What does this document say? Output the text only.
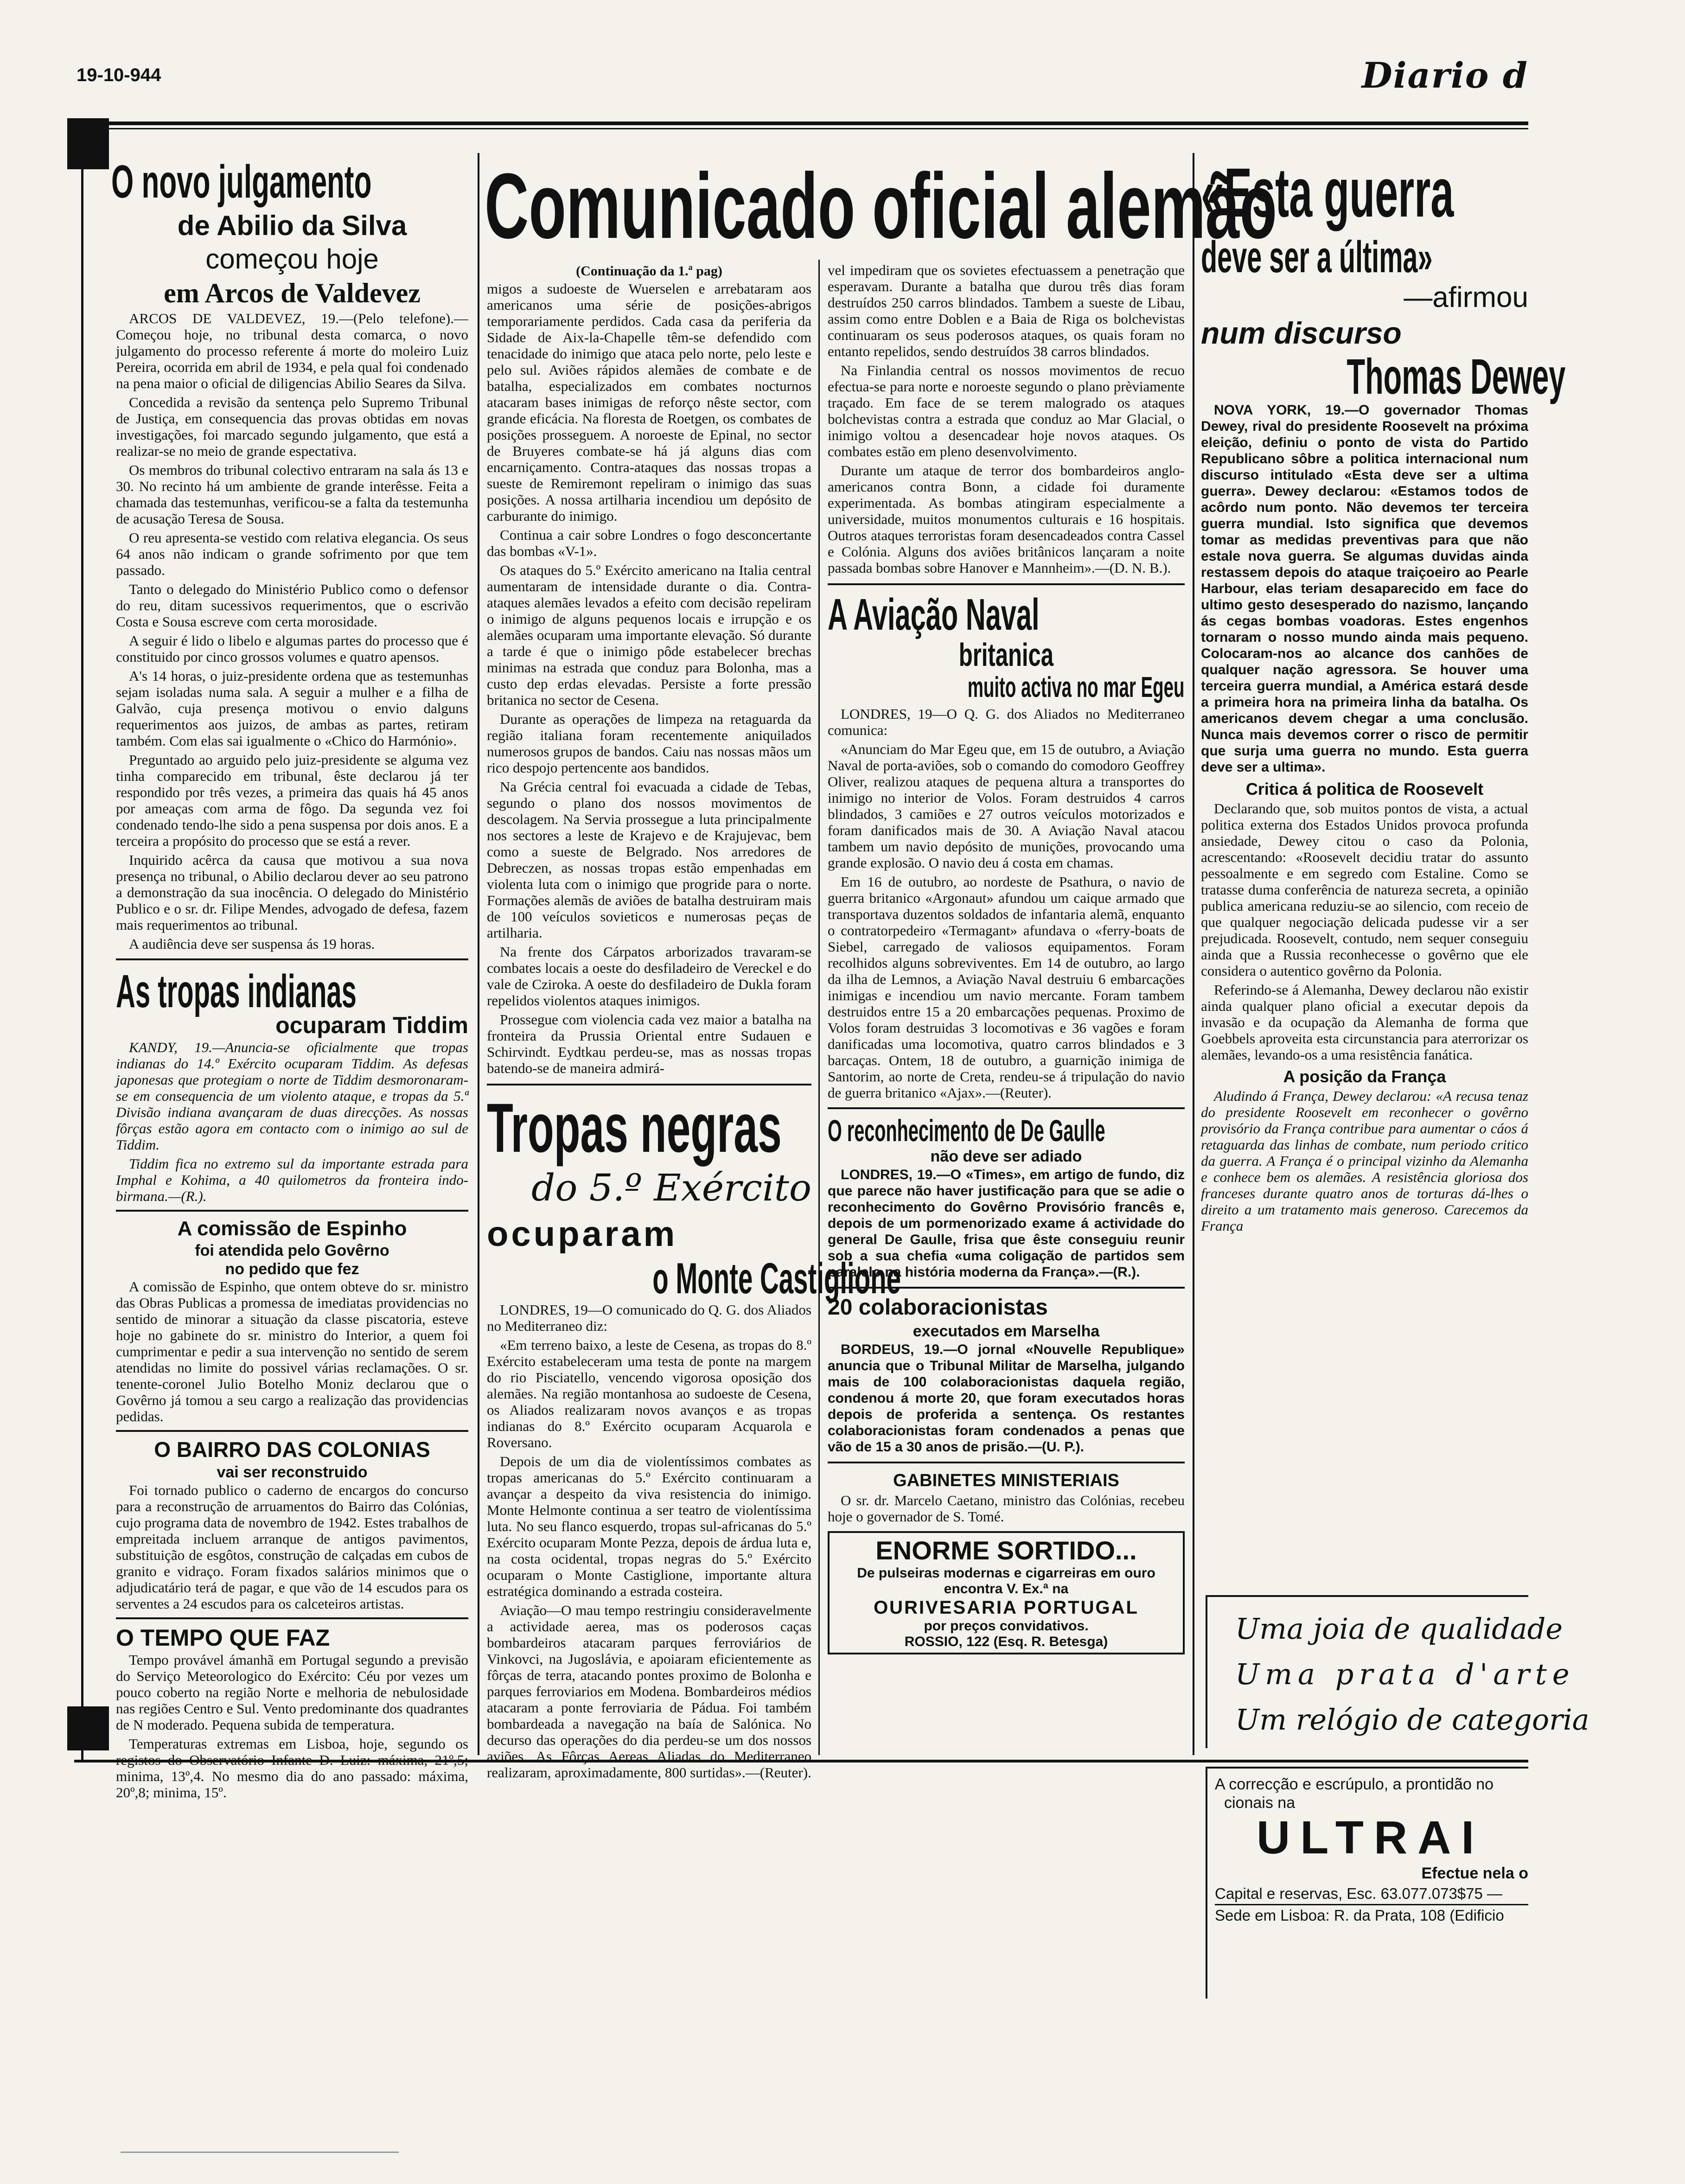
19-10-944	Diario d
O novo julgamento
de Abilio da Silva
começou hoje
em Arcos de Valdevez

ARCOS DE VALDEVEZ, 19.—(Pelo telefone).—Começou hoje, no tribunal desta comarca, o novo julgamento do processo referente á morte do moleiro Luiz Pereira, ocorrida em abril de 1934, e pela qual foi condenado na pena maior o oficial de diligencias Abilio Seares da Silva.

Concedida a revisão da sentença pelo Supremo Tribunal de Justiça, em consequencia das provas obtidas em novas investigações, foi marcado segundo julgamento, que está a realizar-se no meio de grande espectativa.

Os membros do tribunal colectivo entraram na sala ás 13 e 30. No recinto há um ambiente de grande interêsse. Feita a chamada das testemunhas, verificou-se a falta da testemunha de acusação Teresa de Sousa.

O reu apresenta-se vestido com relativa elegancia. Os seus 64 anos não indicam o grande sofrimento por que tem passado.

Tanto o delegado do Ministério Publico como o defensor do reu, ditam sucessivos requerimentos, que o escrivão Costa e Sousa escreve com certa morosidade.

A seguir é lido o libelo e algumas partes do processo que é constituido por cinco grossos volumes e quatro apensos.

A's 14 horas, o juiz-presidente ordena que as testemunhas sejam isoladas numa sala. A seguir a mulher e a filha de Galvão, cuja presença motivou o envio dalguns requerimentos aos juizos, de ambas as partes, retiram também. Com elas sai igualmente o «Chico do Harmónio».

Preguntado ao arguido pelo juiz-presidente se alguma vez tinha comparecido em tribunal, êste declarou já ter respondido por três vezes, a primeira das quais há 45 anos por ameaças com arma de fôgo. Da segunda vez foi condenado tendo-lhe sido a pena suspensa por dois anos. E a terceira a propósito do processo que se está a rever.

Inquirido acêrca da causa que motivou a sua nova presença no tribunal, o Abilio declarou dever ao seu patrono a demonstração da sua inocência. O delegado do Ministério Publico e o sr. dr. Filipe Mendes, advogado de defesa, fazem mais requerimentos ao tribunal.

A audiência deve ser suspensa ás 19 horas.

As tropas indianas
ocuparam Tiddim

KANDY, 19.—Anuncia-se oficialmente que tropas indianas do 14.º Exército ocuparam Tiddim. As defesas japonesas que protegiam o norte de Tiddim desmoronaram-se em consequencia de um violento ataque, e tropas da 5.ª Divisão indiana avançaram de duas direcções. As nossas fôrças estão agora em contacto com o inimigo ao sul de Tiddim.

Tiddim fica no extremo sul da importante estrada para Imphal e Kohima, a 40 quilometros da fronteira indo-birmana.—(R.).

A comissão de Espinho
foi atendida pelo Govêrno
no pedido que fez

A comissão de Espinho, que ontem obteve do sr. ministro das Obras Publicas a promessa de imediatas providencias no sentido de minorar a situação da classe piscatoria, esteve hoje no gabinete do sr. ministro do Interior, a quem foi cumprimentar e pedir a sua intervenção no sentido de serem atendidas no limite do possivel várias reclamações. O sr. tenente-coronel Julio Botelho Moniz declarou que o Govêrno já tomou a seu cargo a realização das providencias pedidas.

O BAIRRO DAS COLONIAS
vai ser reconstruido

Foi tornado publico o caderno de encargos do concurso para a reconstrução de arruamentos do Bairro das Colónias, cujo programa data de novembro de 1942. Estes trabalhos de empreitada incluem arranque de antigos pavimentos, substituição de esgôtos, construção de calçadas em cubos de granito e vidraço. Foram fixados salários minimos que o adjudicatário terá de pagar, e que vão de 14 escudos para os serventes a 24 escudos para os calceteiros artistas.

O TEMPO QUE FAZ

Tempo provável ámanhã em Portugal segundo a previsão do Serviço Meteorologico do Exército: Céu por vezes um pouco coberto na região Norte e melhoria de nebulosidade nas regiões Centro e Sul. Vento predominante dos quadrantes de N moderado. Pequena subida de temperatura.

Temperaturas extremas em Lisboa, hoje, segundo os registos do Observatório Infante D. Luiz: máxima, 21º,5; minima, 13º,4. No mesmo dia do ano passado: máxima, 20º,8; minima, 15º.

Comunicado oficial alemão
(Continuação da 1.ª pag)

migos a sudoeste de Wuerselen e arrebataram aos americanos uma série de posições-abrigos temporariamente perdidos. Cada casa da periferia da Sidade de Aix-la-Chapelle têm-se defendido com tenacidade do inimigo que ataca pelo norte, pelo leste e pelo sul. Aviões rápidos alemães de combate e de batalha, especializados em combates nocturnos atacaram bases inimigas de reforço nêste sector, com grande eficácia. Na floresta de Roetgen, os combates de posições prosseguem. A noroeste de Epinal, no sector de Bruyeres combate-se há já alguns dias com encarniçamento. Contra-ataques das nossas tropas a sueste de Remiremont repeliram o inimigo das suas posições. A nossa artilharia incendiou um depósito de carburante do inimigo.

Continua a cair sobre Londres o fogo desconcertante das bombas «V-1».

Os ataques do 5.º Exército americano na Italia central aumentaram de intensidade durante o dia. Contra-ataques alemães levados a efeito com decisão repeliram o inimigo de alguns pequenos locais e irrupção e os alemães ocuparam uma importante elevação. Só durante a tarde é que o inimigo pôde estabelecer brechas minimas na estrada que conduz para Bolonha, mas a custo dep erdas elevadas. Persiste a forte pressão britanica no sector de Cesena.

Durante as operações de limpeza na retaguarda da região italiana foram recentemente aniquilados numerosos grupos de bandos. Caiu nas nossas mãos um rico despojo pertencente aos bandidos.

Na Grécia central foi evacuada a cidade de Tebas, segundo o plano dos nossos movimentos de descolagem. Na Servia prossegue a luta principalmente nos sectores a leste de Krajevo e de Krajujevac, bem como a sueste de Belgrado. Nos arredores de Debreczen, as nossas tropas estão empenhadas em violenta luta com o inimigo que progride para o norte. Formações alemãs de aviões de batalha destruiram mais de 100 veículos sovieticos e numerosas peças de artilharia.

Na frente dos Cárpatos arborizados travaram-se combates locais a oeste do desfiladeiro de Vereckel e do vale de Cziroka. A oeste do desfiladeiro de Dukla foram repelidos violentos ataques inimigos.

Prossegue com violencia cada vez maior a batalha na fronteira da Prussia Oriental entre Sudauen e Schirvindt. Eydtkau perdeu-se, mas as nossas tropas batendo-se de maneira admirá-

Tropas negras
do 5.º Exército
ocuparam
o Monte Castiglione

LONDRES, 19—O comunicado do Q. G. dos Aliados no Mediterraneo diz:

«Em terreno baixo, a leste de Cesena, as tropas do 8.º Exército estabeleceram uma testa de ponte na margem do rio Pisciatello, vencendo vigorosa oposição dos alemães. Na região montanhosa ao sudoeste de Cesena, os Aliados realizaram novos avanços e as tropas indianas do 8.º Exército ocuparam Acquarola e Roversano.

Depois de um dia de violentíssimos combates as tropas americanas do 5.º Exército continuaram a avançar a despeito da viva resistencia do inimigo. Monte Helmonte continua a ser teatro de violentíssima luta. No seu flanco esquerdo, tropas sul-africanas do 5.º Exército ocuparam Monte Pezza, depois de árdua luta e, na costa ocidental, tropas negras do 5.º Exército ocuparam o Monte Castiglione, importante altura estratégica dominando a estrada costeira.

Aviação—O mau tempo restringiu consideravelmente a actividade aerea, mas os poderosos caças bombardeiros atacaram parques ferroviários de Vinkovci, na Jugoslávia, e apoiaram eficientemente as fôrças de terra, atacando pontes proximo de Bolonha e parques ferroviarios em Modena. Bombardeiros médios atacaram a ponte ferroviaria de Pádua. Foi também bombardeada a navegação na baía de Salónica. No decurso das operações do dia perdeu-se um dos nossos aviões. As Fôrças Aereas Aliadas do Mediterraneo realizaram, aproximadamente, 800 surtidas».—(Reuter).

vel impediram que os sovietes efectuassem a penetração que esperavam. Durante a batalha que durou três dias foram destruídos 250 carros blindados. Tambem a sueste de Libau, assim como entre Doblen e a Baia de Riga os bolchevistas continuaram os seus poderosos ataques, os quais foram no entanto repelidos, sendo destruídos 38 carros blindados.

Na Finlandia central os nossos movimentos de recuo efectua-se para norte e noroeste segundo o plano prèviamente traçado. Em face de se terem malogrado os ataques bolchevistas contra a estrada que conduz ao Mar Glacial, o inimigo voltou a desencadear hoje novos ataques. Os combates estão em pleno desenvolvimento.

Durante um ataque de terror dos bombardeiros anglo-americanos contra Bonn, a cidade foi duramente experimentada. As bombas atingiram especialmente a universidade, muitos monumentos culturais e 16 hospitais. Outros ataques terroristas foram desencadeados contra Cassel e Colónia. Alguns dos aviões britânicos lançaram a noite passada bombas sobre Hanover e Mannheim».—(D. N. B.).

A Aviação Naval
britanica
muito activa no mar Egeu

LONDRES, 19—O Q. G. dos Aliados no Mediterraneo comunica:

«Anunciam do Mar Egeu que, em 15 de outubro, a Aviação Naval de porta-aviões, sob o comando do comodoro Geoffrey Oliver, realizou ataques de pequena altura a transportes do inimigo no interior de Volos. Foram destruidos 4 carros blindados, 3 camiões e 27 outros veículos motorizados e foram danificados mais de 30. A Aviação Naval atacou tambem um navio depósito de munições, provocando uma grande explosão. O navio deu á costa em chamas.

Em 16 de outubro, ao nordeste de Psathura, o navio de guerra britanico «Argonaut» afundou um caique armado que transportava duzentos soldados de infantaria alemã, enquanto o contratorpedeiro «Termagant» afundava o «ferry-boats de Siebel, carregado de valiosos equipamentos. Foram recolhidos alguns sobreviventes. Em 14 de outubro, ao largo da ilha de Lemnos, a Aviação Naval destruiu 6 embarcações inimigas e incendiou um navio mercante. Foram tambem destruidos entre 15 a 20 embarcações pequenas. Proximo de Volos foram destruidas 3 locomotivas e 36 vagões e foram danificadas uma locomotiva, quatro carros blindados e 3 barcaças. Ontem, 18 de outubro, a guarnição inimiga de Santorim, ao norte de Creta, rendeu-se á tripulação do navio de guerra britanico «Ajax».—(Reuter).

O reconhecimento de De Gaulle
não deve ser adiado

LONDRES, 19.—O «Times», em artigo de fundo, diz que parece não haver justificação para que se adie o reconhecimento do Govêrno Provisório francês e, depois de um pormenorizado exame á actividade do general De Gaulle, frisa que êste conseguiu reunir sob a sua chefia «uma coligação de partidos sem paralelo na história moderna da França».—(R.).

20 colaboracionistas
executados em Marselha

BORDEUS, 19.—O jornal «Nouvelle Republique» anuncia que o Tribunal Militar de Marselha, julgando mais de 100 colaboracionistas daquela região, condenou á morte 20, que foram executados horas depois de proferida a sentença. Os restantes colaboracionistas foram condenados a penas que vão de 15 a 30 anos de prisão.—(U. P.).

GABINETES MINISTERIAIS

O sr. dr. Marcelo Caetano, ministro das Colónias, recebeu hoje o governador de S. Tomé.

ENORME SORTIDO...
De pulseiras modernas e cigarreiras em ouro encontra V. Ex.ª na
OURIVESARIA PORTUGAL
por preços convidativos.
ROSSIO, 122 (Esq. R. Betesga)
«Esta guerra
deve ser a última»
—afirmou
num discurso
Thomas Dewey

NOVA YORK, 19.—O governador Thomas Dewey, rival do presidente Roosevelt na próxima eleição, definiu o ponto de vista do Partido Republicano sôbre a politica internacional num discurso intitulado «Esta deve ser a ultima guerra». Dewey declarou: «Estamos todos de acôrdo num ponto. Não devemos ter terceira guerra mundial. Isto significa que devemos tomar as medidas preventivas para que não estale nova guerra. Se algumas duvidas ainda restassem depois do ataque traiçoeiro ao Pearle Harbour, elas teriam desaparecido em face do ultimo gesto desesperado do nazismo, lançando ás cegas bombas voadoras. Estes engenhos tornaram o nosso mundo ainda mais pequeno. Colocaram-nos ao alcance dos canhões de qualquer nação agressora. Se houver uma terceira guerra mundial, a América estará desde a primeira hora na primeira linha da batalha. Os americanos devem chegar a uma conclusão. Nunca mais devemos correr o risco de permitir que surja uma guerra no mundo. Esta guerra deve ser a ultima».

Critica á politica de Roosevelt

Declarando que, sob muitos pontos de vista, a actual politica externa dos Estados Unidos provoca profunda ansiedade, Dewey citou o caso da Polonia, acrescentando: «Roosevelt decidiu tratar do assunto pessoalmente e em segredo com Estaline. Como se tratasse duma conferência de natureza secreta, a opinião publica americana reduziu-se ao silencio, com receio de que qualquer negociação delicada pudesse vir a ser prejudicada. Roosevelt, contudo, nem sequer conseguiu ainda que a Russia reconhecesse o govêrno que ele considera o autentico govêrno da Polonia.

Referindo-se á Alemanha, Dewey declarou não existir ainda qualquer plano oficial a executar depois da invasão e da ocupação da Alemanha de forma que Goebbels aproveita esta circunstancia para aterrorizar os alemães, levando-os a uma resistência fanática.

A posição da França

Aludindo á França, Dewey declarou: «A recusa tenaz do presidente Roosevelt em reconhecer o govêrno provisório da França contribue para aumentar o cáos á retaguarda das linhas de combate, num periodo critico da guerra. A França é o principal vizinho da Alemanha e conhece bem os alemães. A resistência gloriosa dos franceses durante quatro anos de torturas dá-lhes o direito a um tratamento mais generoso. Carecemos da França

Uma joia de qualidade
Uma prata d'arte
Um relógio de categoria
A correcção e escrúpulo, a prontidão no
cionais na
ULTRAI
Efectue nela o
Capital e reservas, Esc. 63.077.073$75 —
Sede em Lisboa: R. da Prata, 108 (Edificio
